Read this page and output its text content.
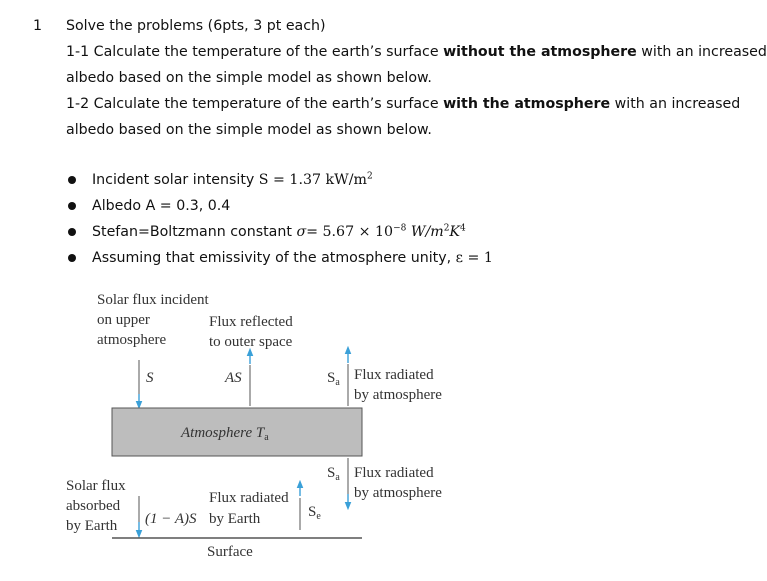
1 Solve the problems (6pts, 3 pt each)
1-1 Calculate the temperature of the earth’s surface without the atmosphere with an increased
albedo based on the simple model as shown below.
1-2 Calculate the temperature of the earth’s surface with the atmosphere with an increased
albedo based on the simple model as shown below.
Incident solar intensity S = 1.37 $kW/m^2$
Albedo A = 0.3, 0.4
Stefan=Boltzmann constant $\sigma= 5.67 \times 10^{-8}$ $W/m^2K^4$
Assuming that emissivity of the atmosphere unity, ε = 1
Solar flux incident
on upper
atmosphere
Flux reflected
to outer space
S	AS	$S_a$ Flux radiated
by atmosphere
Atmosphere $T_a$
$S_a$ Flux radiated
by atmosphere
Solar flux
absorbed
by Earth (1 − A)S
Flux radiated
by Earth	$S_e$
Surface
